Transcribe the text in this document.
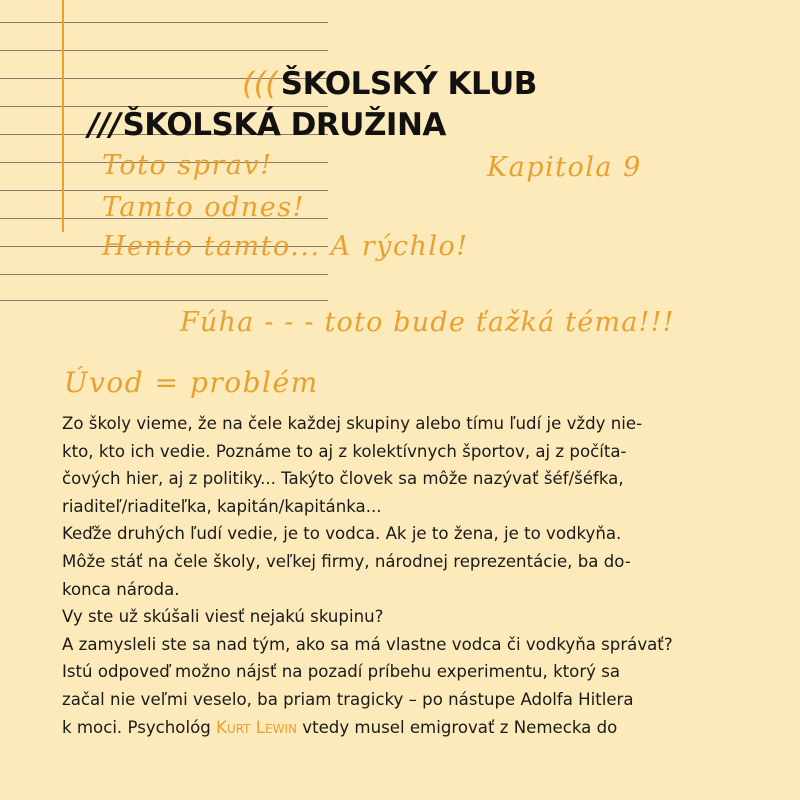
((( ŠKOLSKÝ KLUB
///ŠKOLSKÁ DRUŽINA
Toto sprav!
Tamto odnes!
Hento tamto... A rýchlo!
Kapitola 9
Fúha - - - toto bude ťažká téma!!!
Úvod = problém

Zo školy vieme, že na čele každej skupiny alebo tímu ľudí je vždy nie-
kto, kto ich vedie. Poznáme to aj z kolektívnych športov, aj z počíta-
čových hier, aj z politiky... Takýto človek sa môže nazývať šéf/šéfka,
riaditeľ/riaditeľka, kapitán/kapitánka...

Keďže druhých ľudí vedie, je to vodca. Ak je to žena, je to vodkyňa.
Môže stáť na čele školy, veľkej firmy, národnej reprezentácie, ba do-
konca národa.

Vy ste už skúšali viesť nejakú skupinu?

A zamysleli ste sa nad tým, ako sa má vlastne vodca či vodkyňa správať?
Istú odpoveď možno nájsť na pozadí príbehu experimentu, ktorý sa
začal nie veľmi veselo, ba priam tragicky – po nástupe Adolfa Hitlera
k moci. Psychológ Kurt Lewin vtedy musel emigrovať z Nemecka do
